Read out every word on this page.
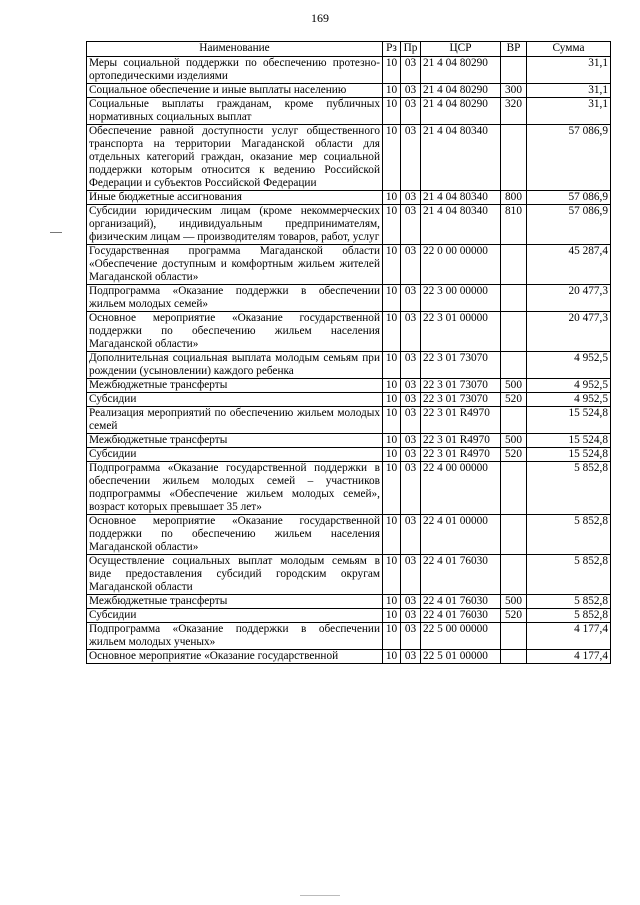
169
Наименование	Рз	Пр	ЦСР	ВР	Сумма
Меры социальной поддержки по обеспечению протезно-ортопедическими изделиями	10	03	21 4 04 80290		31,1
Социальное обеспечение и иные выплаты населению	10	03	21 4 04 80290	300	31,1
Социальные выплаты гражданам, кроме публичных нормативных социальных выплат	10	03	21 4 04 80290	320	31,1
Обеспечение равной доступности услуг общественного транспорта на территории Магаданской области для отдельных категорий граждан, оказание мер социальной поддержки которым относится к ведению Российской Федерации и субъектов Российской Федерации	10	03	21 4 04 80340		57 086,9
Иные бюджетные ассигнования	10	03	21 4 04 80340	800	57 086,9
Субсидии юридическим лицам (кроме некоммерческих организаций), индивидуальным предпринимателям, физическим лицам — производителям товаров, работ, услуг	10	03	21 4 04 80340	810	57 086,9
Государственная программа Магаданской области «Обеспечение доступным и комфортным жильем жителей Магаданской области»	10	03	22 0 00 00000		45 287,4
Подпрограмма «Оказание поддержки в обеспечении жильем молодых семей»	10	03	22 3 00 00000		20 477,3
Основное мероприятие «Оказание государственной поддержки по обеспечению жильем населения Магаданской области»	10	03	22 3 01 00000		20 477,3
Дополнительная социальная выплата молодым семьям при рождении (усыновлении) каждого ребенка	10	03	22 3 01 73070		4 952,5
Межбюджетные трансферты	10	03	22 3 01 73070	500	4 952,5
Субсидии	10	03	22 3 01 73070	520	4 952,5
Реализация мероприятий по обеспечению жильем молодых семей	10	03	22 3 01 R4970		15 524,8
Межбюджетные трансферты	10	03	22 3 01 R4970	500	15 524,8
Субсидии	10	03	22 3 01 R4970	520	15 524,8
Подпрограмма «Оказание государственной поддержки в обеспечении жильем молодых семей – участников подпрограммы «Обеспечение жильем молодых семей», возраст которых превышает 35 лет»	10	03	22 4 00 00000		5 852,8
Основное мероприятие «Оказание государственной поддержки по обеспечению жильем населения Магаданской области»	10	03	22 4 01 00000		5 852,8
Осуществление социальных выплат молодым семьям в виде предоставления субсидий городским округам Магаданской области	10	03	22 4 01 76030		5 852,8
Межбюджетные трансферты	10	03	22 4 01 76030	500	5 852,8
Субсидии	10	03	22 4 01 76030	520	5 852,8
Подпрограмма «Оказание поддержки в обеспечении жильем молодых ученых»	10	03	22 5 00 00000		4 177,4
Основное мероприятие «Оказание государственной	10	03	22 5 01 00000		4 177,4
